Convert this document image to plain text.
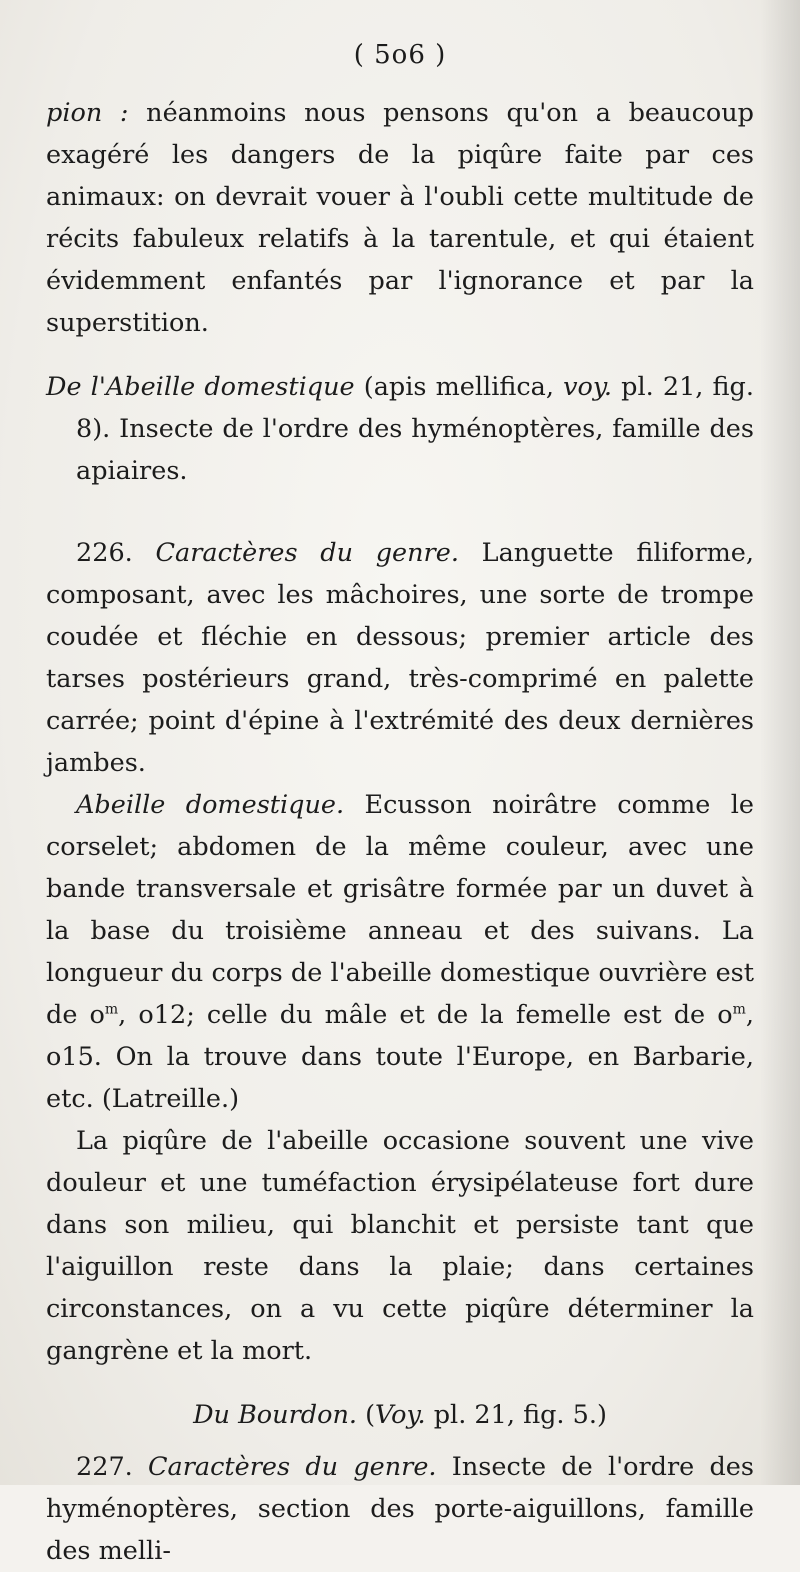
( 5o6 )

pion : néanmoins nous pensons qu'on a beaucoup exagéré les dangers de la piqûre faite par ces animaux: on devrait vouer à l'oubli cette multitude de récits fabuleux relatifs à la tarentule, et qui étaient évidemment enfantés par l'ignorance et par la superstition.

De l'Abeille domestique (apis mellifica, voy. pl. 21, fig. 8). Insecte de l'ordre des hyménoptères, famille des apiaires.

226. Caractères du genre. Languette filiforme, composant, avec les mâchoires, une sorte de trompe coudée et fléchie en dessous; premier article des tarses postérieurs grand, très-comprimé en palette carrée; point d'épine à l'extrémité des deux dernières jambes.

Abeille domestique. Ecusson noirâtre comme le corselet; abdomen de la même couleur, avec une bande transversale et grisâtre formée par un duvet à la base du troisième anneau et des suivans. La longueur du corps de l'abeille domestique ouvrière est de $o^m$, o12; celle du mâle et de la femelle est de $o^m$, o15. On la trouve dans toute l'Europe, en Barbarie, etc. (Latreille.)

La piqûre de l'abeille occasione souvent une vive douleur et une tuméfaction érysipélateuse fort dure dans son milieu, qui blanchit et persiste tant que l'aiguillon reste dans la plaie; dans certaines circonstances, on a vu cette piqûre déterminer la gangrène et la mort.

Du Bourdon. (Voy. pl. 21, fig. 5.)

227. Caractères du genre. Insecte de l'ordre des hyménoptères, section des porte-aiguillons, famille des melli-
